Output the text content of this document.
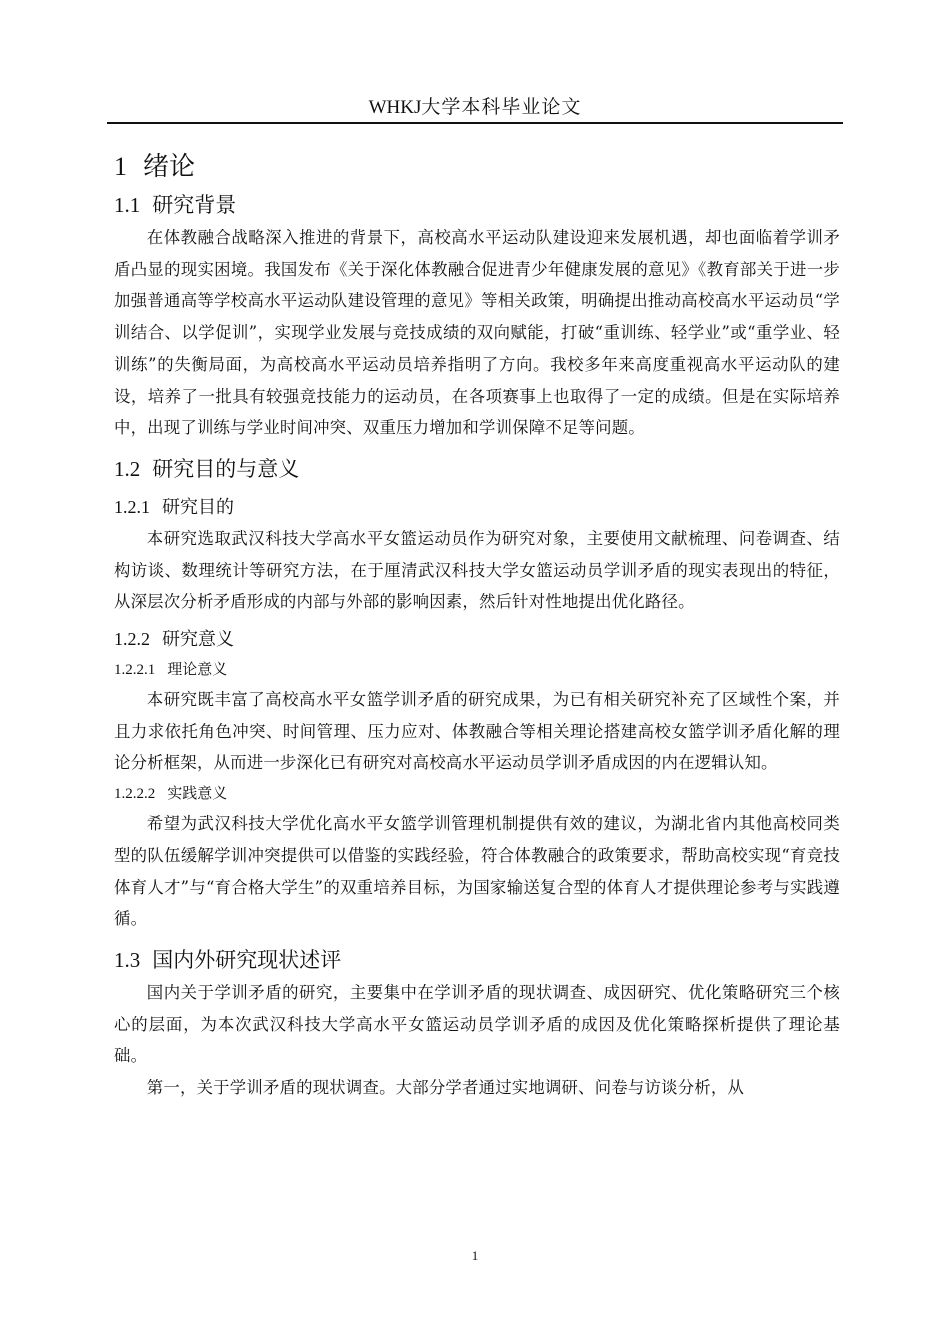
WHKJ大学本科毕业论文
1 绪论
1.1 研究背景

在体教融合战略深入推进的背景下，高校高水平运动队建设迎来发展机遇，却也面临着学训矛盾凸显的现实困境。我国发布《关于深化体教融合促进青少年健康发展的意见》《教育部关于进一步加强普通高等学校高水平运动队建设管理的意见》等相关政策，明确提出推动高校高水平运动员“学训结合、以学促训”，实现学业发展与竞技成绩的双向赋能，打破“重训练、轻学业”或“重学业、轻训练”的失衡局面，为高校高水平运动员培养指明了方向。我校多年来高度重视高水平运动队的建设，培养了一批具有较强竞技能力的运动员，在各项赛事上也取得了一定的成绩。但是在实际培养中，出现了训练与学业时间冲突、双重压力增加和学训保障不足等问题。

1.2 研究目的与意义
1.2.1 研究目的

本研究选取武汉科技大学高水平女篮运动员作为研究对象，主要使用文献梳理、问卷调查、结构访谈、数理统计等研究方法，在于厘清武汉科技大学女篮运动员学训矛盾的现实表现出的特征，从深层次分析矛盾形成的内部与外部的影响因素，然后针对性地提出优化路径。

1.2.2 研究意义
1.2.2.1 理论意义

本研究既丰富了高校高水平女篮学训矛盾的研究成果，为已有相关研究补充了区域性个案，并且力求依托角色冲突、时间管理、压力应对、体教融合等相关理论搭建高校女篮学训矛盾化解的理论分析框架，从而进一步深化已有研究对高校高水平运动员学训矛盾成因的内在逻辑认知。

1.2.2.2 实践意义

希望为武汉科技大学优化高水平女篮学训管理机制提供有效的建议，为湖北省内其他高校同类型的队伍缓解学训冲突提供可以借鉴的实践经验，符合体教融合的政策要求，帮助高校实现“育竞技体育人才”与“育合格大学生”的双重培养目标，为国家输送复合型的体育人才提供理论参考与实践遵循。

1.3 国内外研究现状述评

国内关于学训矛盾的研究，主要集中在学训矛盾的现状调查、成因研究、优化策略研究三个核心的层面，为本次武汉科技大学高水平女篮运动员学训矛盾的成因及优化策略探析提供了理论基础。

第一，关于学训矛盾的现状调查。大部分学者通过实地调研、问卷与访谈分析，从

1
